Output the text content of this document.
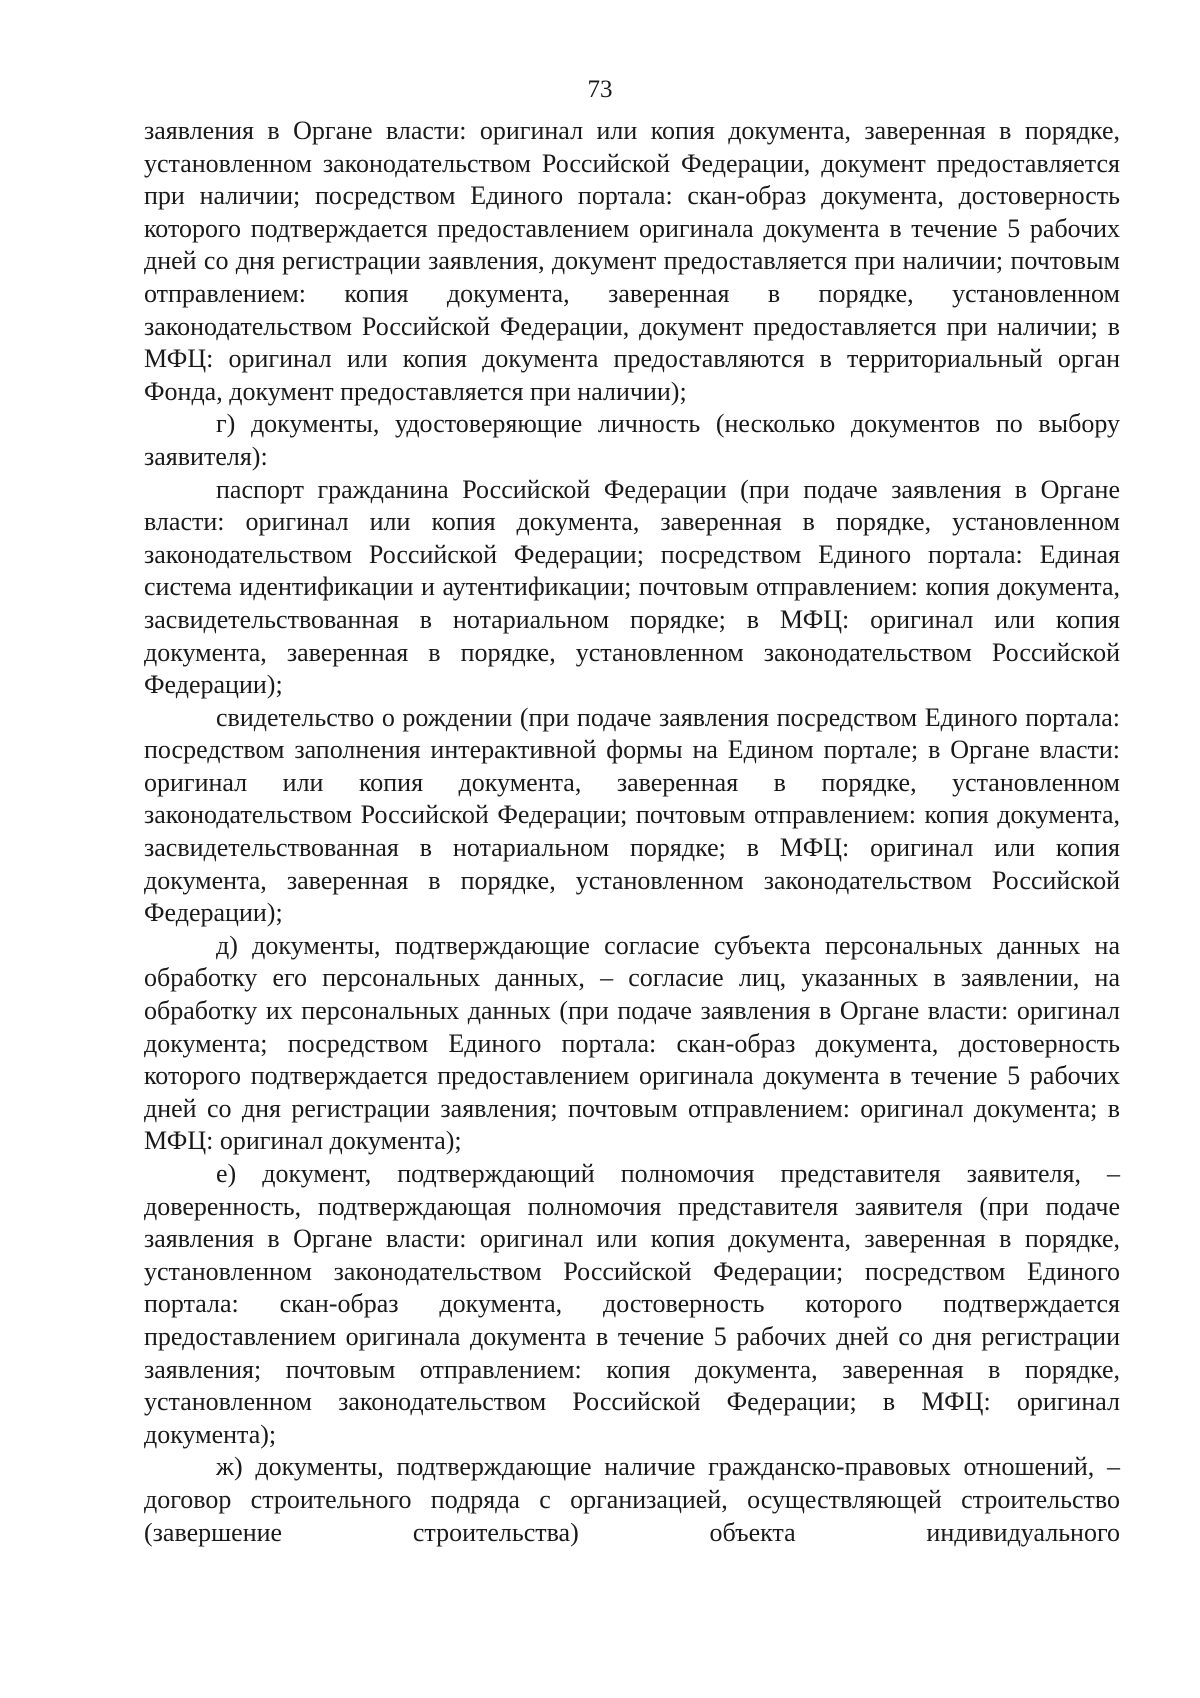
73

заявления в Органе власти: оригинал или копия документа, заверенная в порядке, установленном законодательством Российской Федерации, документ предоставляется при наличии; посредством Единого портала: скан-образ документа, достоверность которого подтверждается предоставлением оригинала документа в течение 5 рабочих дней со дня регистрации заявления, документ предоставляется при наличии; почтовым отправлением: копия документа, заверенная в порядке, установленном законодательством Российской Федерации, документ предоставляется при наличии; в МФЦ: оригинал или копия документа предоставляются в территориальный орган Фонда, документ предоставляется при наличии);

г) документы, удостоверяющие личность (несколько документов по выбору заявителя):

паспорт гражданина Российской Федерации (при подаче заявления в Органе власти: оригинал или копия документа, заверенная в порядке, установленном законодательством Российской Федерации; посредством Единого портала: Единая система идентификации и аутентификации; почтовым отправлением: копия документа, засвидетельствованная в нотариальном порядке; в МФЦ: оригинал или копия документа, заверенная в порядке, установленном законодательством Российской Федерации);

свидетельство о рождении (при подаче заявления посредством Единого портала: посредством заполнения интерактивной формы на Едином портале; в Органе власти: оригинал или копия документа, заверенная в порядке, установленном законодательством Российской Федерации; почтовым отправлением: копия документа, засвидетельствованная в нотариальном порядке; в МФЦ: оригинал или копия документа, заверенная в порядке, установленном законодательством Российской Федерации);

д) документы, подтверждающие согласие субъекта персональных данных на обработку его персональных данных, – согласие лиц, указанных в заявлении, на обработку их персональных данных (при подаче заявления в Органе власти: оригинал документа; посредством Единого портала: скан-образ документа, достоверность которого подтверждается предоставлением оригинала документа в течение 5 рабочих дней со дня регистрации заявления; почтовым отправлением: оригинал документа; в МФЦ: оригинал документа);

е) документ, подтверждающий полномочия представителя заявителя, – доверенность, подтверждающая полномочия представителя заявителя (при подаче заявления в Органе власти: оригинал или копия документа, заверенная в порядке, установленном законодательством Российской Федерации; посредством Единого портала: скан-образ документа, достоверность которого подтверждается предоставлением оригинала документа в течение 5 рабочих дней со дня регистрации заявления; почтовым отправлением: копия документа, заверенная в порядке, установленном законодательством Российской Федерации; в МФЦ: оригинал документа);

ж) документы, подтверждающие наличие гражданско-правовых отношений, – договор строительного подряда с организацией, осуществляющей строительство (завершение строительства) объекта индивидуального
